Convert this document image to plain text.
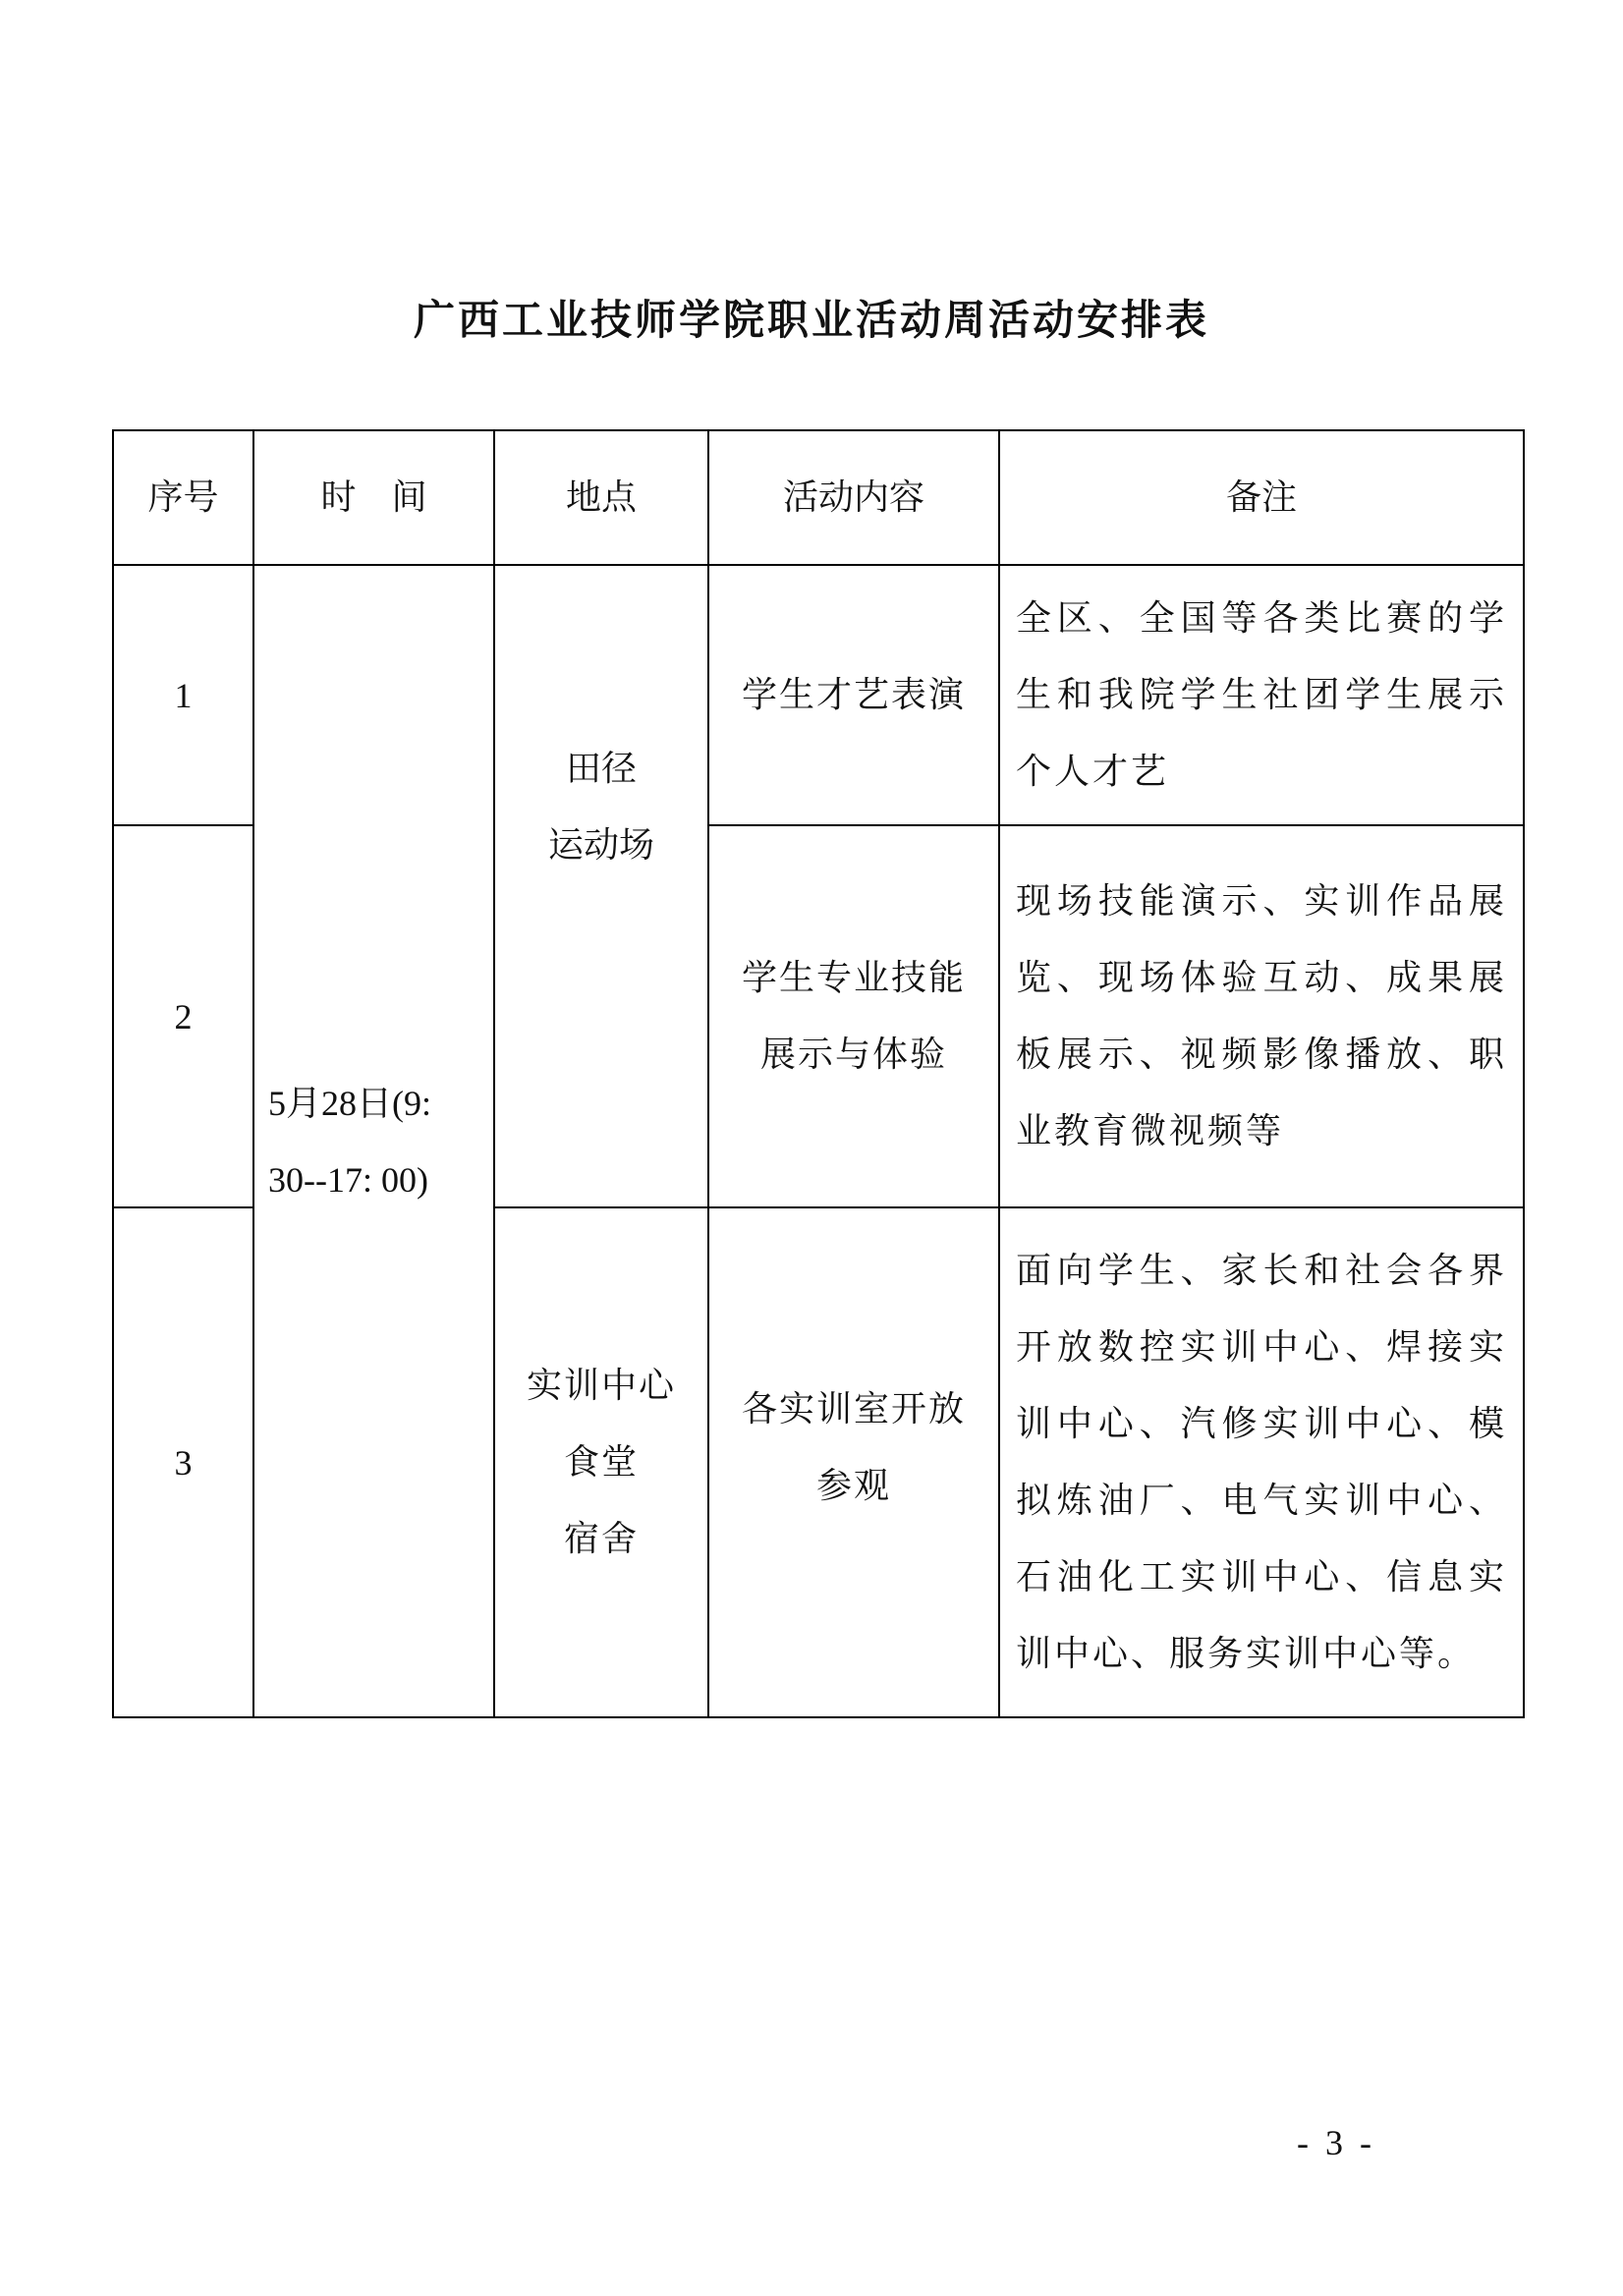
广西工业技师学院职业活动周活动安排表
序号	时　间	地点	活动内容	备注
1	5月28日(9:
30--17: 00)	田径
运动场	学生才艺表演	全区、全国等各类比赛的学生和我院学生社团学生展示个人才艺
2			学生专业技能
展示与体验	现场技能演示、实训作品展览、现场体验互动、成果展板展示、视频影像播放、职业教育微视频等
3		实训中心
食堂
宿舍	各实训室开放
参观	面向学生、家长和社会各界开放数控实训中心、焊接实训中心、汽修实训中心、模拟炼油厂、电气实训中心、石油化工实训中心、信息实训中心、服务实训中心等。
- 3 -
